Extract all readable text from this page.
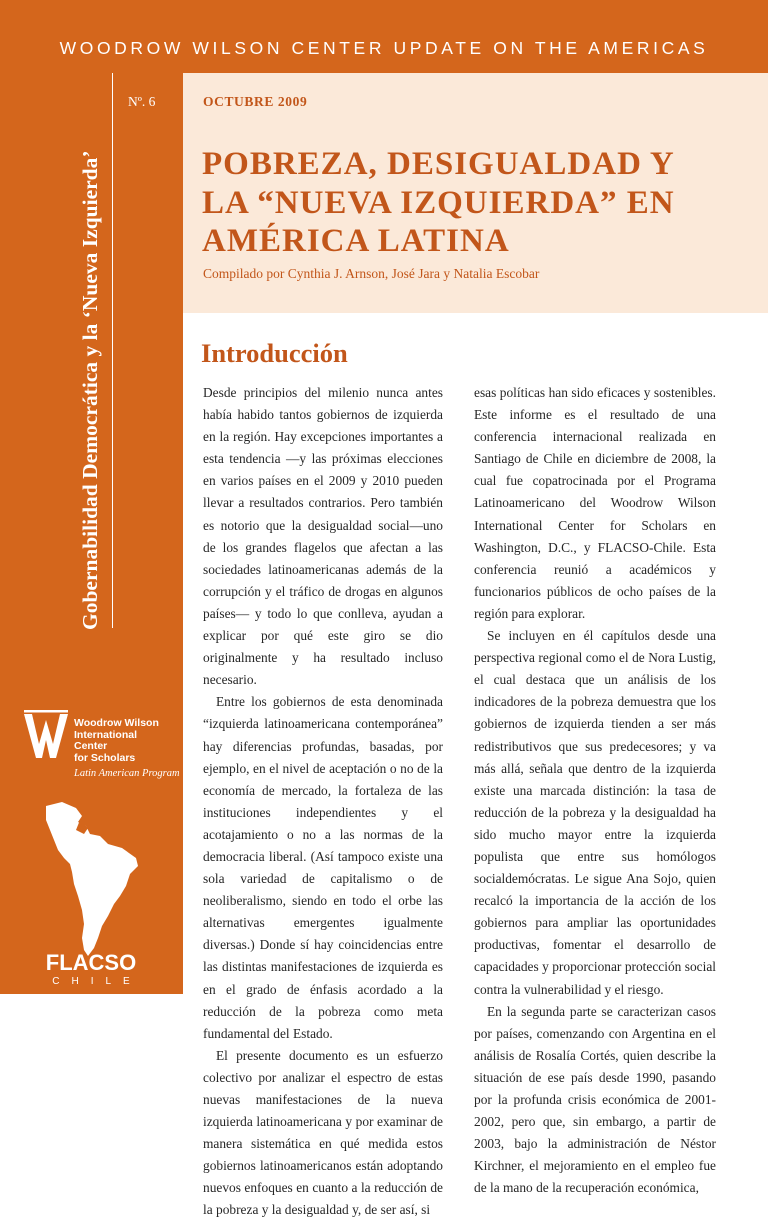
WOODROW WILSON CENTER UPDATE ON THE AMERICAS
Gobernabilidad Democrática y la ‘Nueva Izquierda’
Nº. 6
Woodrow Wilson
International
Center
for Scholars
Latin American Program
FLACSO
CHILE
OCTUBRE 2009
POBREZA, DESIGUALDAD Y
LA “NUEVA IZQUIERDA” EN
AMÉRICA LATINA
Compilado por Cynthia J. Arnson, José Jara y Natalia Escobar
Introducción

Desde principios del milenio nunca antes había habido tantos gobiernos de izquierda en la región. Hay excepciones importantes a esta tendencia —y las próximas elecciones en varios países en el 2009 y 2010 pueden llevar a resultados contrarios. Pero también es notorio que la desigualdad social—uno de los grandes flagelos que afectan a las sociedades latinoamericanas además de la corrupción y el tráfico de drogas en algunos países— y todo lo que conlleva, ayudan a explicar por qué este giro se dio originalmente y ha resultado incluso necesario.

Entre los gobiernos de esta denominada “izquierda latinoamericana contemporánea” hay diferencias profundas, basadas, por ejemplo, en el nivel de aceptación o no de la economía de mercado, la fortaleza de las instituciones independientes y el acotajamiento o no a las normas de la democracia liberal. (Así tampoco existe una sola variedad de capitalismo o de neoliberalismo, siendo en todo el orbe las alternativas emergentes igualmente diversas.) Donde sí hay coincidencias entre las distintas manifestaciones de izquierda es en el grado de énfasis acordado a la reducción de la pobreza como meta fundamental del Estado.

El presente documento es un esfuerzo colectivo por analizar el espectro de estas nuevas manifestaciones de la nueva izquierda latinoamericana y por examinar de manera sistemática en qué medida estos gobiernos latinoamericanos están adoptando nuevos enfoques en cuanto a la reducción de la pobreza y la desigualdad y, de ser así, si

esas políticas han sido eficaces y sostenibles. Este informe es el resultado de una conferencia internacional realizada en Santiago de Chile en diciembre de 2008, la cual fue copatrocinada por el Programa Latinoamericano del Woodrow Wilson International Center for Scholars en Washington, D.C., y FLACSO-Chile. Esta conferencia reunió a académicos y funcionarios públicos de ocho países de la región para explorar.

Se incluyen en él capítulos desde una perspectiva regional como el de Nora Lustig, el cual destaca que un análisis de los indicadores de la pobreza demuestra que los gobiernos de izquierda tienden a ser más redistributivos que sus predecesores; y va más allá, señala que dentro de la izquierda existe una marcada distinción: la tasa de reducción de la pobreza y la desigualdad ha sido mucho mayor entre la izquierda populista que entre sus homólogos socialdemócratas. Le sigue Ana Sojo, quien recalcó la importancia de la acción de los gobiernos para ampliar las oportunidades productivas, fomentar el desarrollo de capacidades y proporcionar protección social contra la vulnerabilidad y el riesgo.

En la segunda parte se caracterizan casos por países, comenzando con Argentina en el análisis de Rosalía Cortés, quien describe la situación de ese país desde 1990, pasando por la profunda crisis económica de 2001-2002, pero que, sin embargo, a partir de 2003, bajo la administración de Néstor Kirchner, el mejoramiento en el empleo fue de la mano de la recuperación económica,
